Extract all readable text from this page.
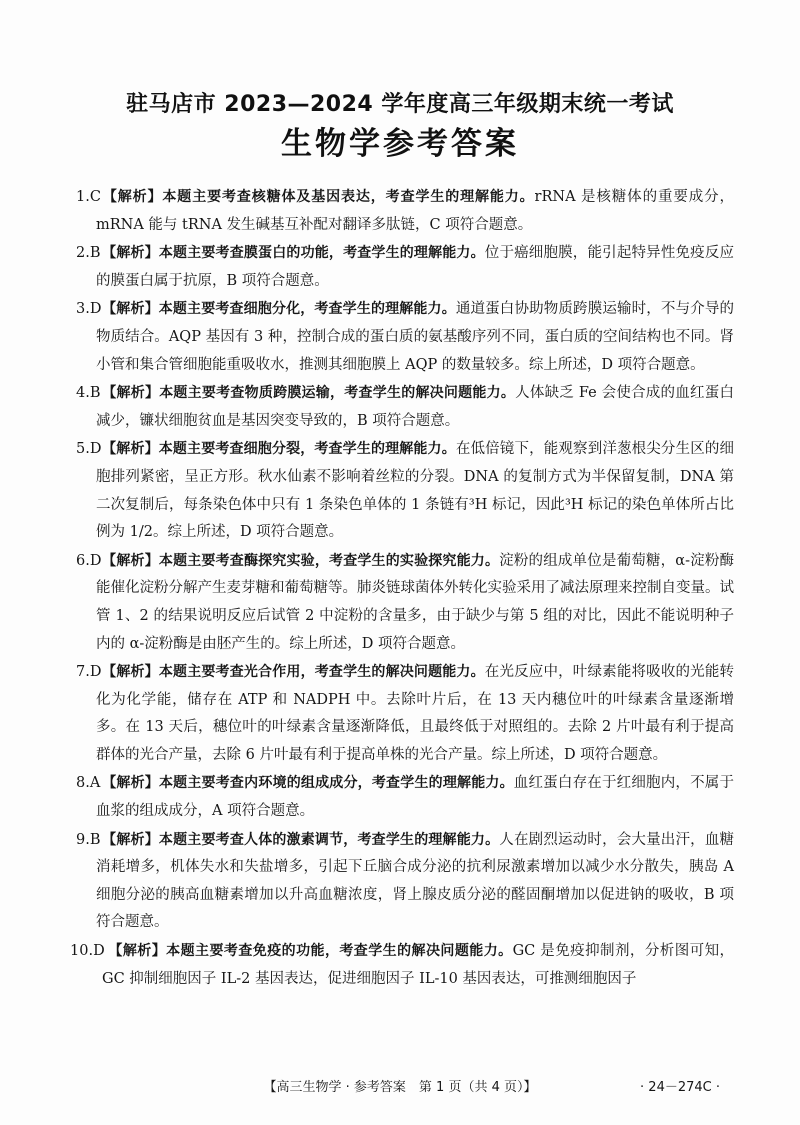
驻马店市 2023—2024 学年度高三年级期末统一考试
生物学参考答案
1.C 【解析】本题主要考查核糖体及基因表达，考查学生的理解能力。rRNA 是核糖体的重要成分，mRNA 能与 tRNA 发生碱基互补配对翻译多肽链，C 项符合题意。
2.B 【解析】本题主要考查膜蛋白的功能，考查学生的理解能力。位于癌细胞膜，能引起特异性免疫反应的膜蛋白属于抗原，B 项符合题意。
3.D 【解析】本题主要考查细胞分化，考查学生的理解能力。通道蛋白协助物质跨膜运输时，不与介导的物质结合。AQP 基因有 3 种，控制合成的蛋白质的氨基酸序列不同，蛋白质的空间结构也不同。肾小管和集合管细胞能重吸收水，推测其细胞膜上 AQP 的数量较多。综上所述，D 项符合题意。
4.B 【解析】本题主要考查物质跨膜运输，考查学生的解决问题能力。人体缺乏 Fe 会使合成的血红蛋白减少，镰状细胞贫血是基因突变导致的，B 项符合题意。
5.D 【解析】本题主要考查细胞分裂，考查学生的理解能力。在低倍镜下，能观察到洋葱根尖分生区的细胞排列紧密，呈正方形。秋水仙素不影响着丝粒的分裂。DNA 的复制方式为半保留复制，DNA 第二次复制后，每条染色体中只有 1 条染色单体的 1 条链有³H 标记，因此³H 标记的染色单体所占比例为 1/2。综上所述，D 项符合题意。
6.D 【解析】本题主要考查酶探究实验，考查学生的实验探究能力。淀粉的组成单位是葡萄糖，α-淀粉酶能催化淀粉分解产生麦芽糖和葡萄糖等。肺炎链球菌体外转化实验采用了减法原理来控制自变量。试管 1、2 的结果说明反应后试管 2 中淀粉的含量多，由于缺少与第 5 组的对比，因此不能说明种子内的 α-淀粉酶是由胚产生的。综上所述，D 项符合题意。
7.D 【解析】本题主要考查光合作用，考查学生的解决问题能力。在光反应中，叶绿素能将吸收的光能转化为化学能，储存在 ATP 和 NADPH 中。去除叶片后，在 13 天内穗位叶的叶绿素含量逐渐增多。在 13 天后，穗位叶的叶绿素含量逐渐降低，且最终低于对照组的。去除 2 片叶最有利于提高群体的光合产量，去除 6 片叶最有利于提高单株的光合产量。综上所述，D 项符合题意。
8.A 【解析】本题主要考查内环境的组成成分，考查学生的理解能力。血红蛋白存在于红细胞内，不属于血浆的组成成分，A 项符合题意。
9.B 【解析】本题主要考查人体的激素调节，考查学生的理解能力。人在剧烈运动时，会大量出汗，血糖消耗增多，机体失水和失盐增多，引起下丘脑合成分泌的抗利尿激素增加以减少水分散失，胰岛 A 细胞分泌的胰高血糖素增加以升高血糖浓度，肾上腺皮质分泌的醛固酮增加以促进钠的吸收，B 项符合题意。
10.D 【解析】本题主要考查免疫的功能，考查学生的解决问题能力。GC 是免疫抑制剂，分析图可知，GC 抑制细胞因子 IL-2 基因表达，促进细胞因子 IL-10 基因表达，可推测细胞因子
【高三生物学 · 参考答案　第 1 页（共 4 页）】	· 24－274C ·
